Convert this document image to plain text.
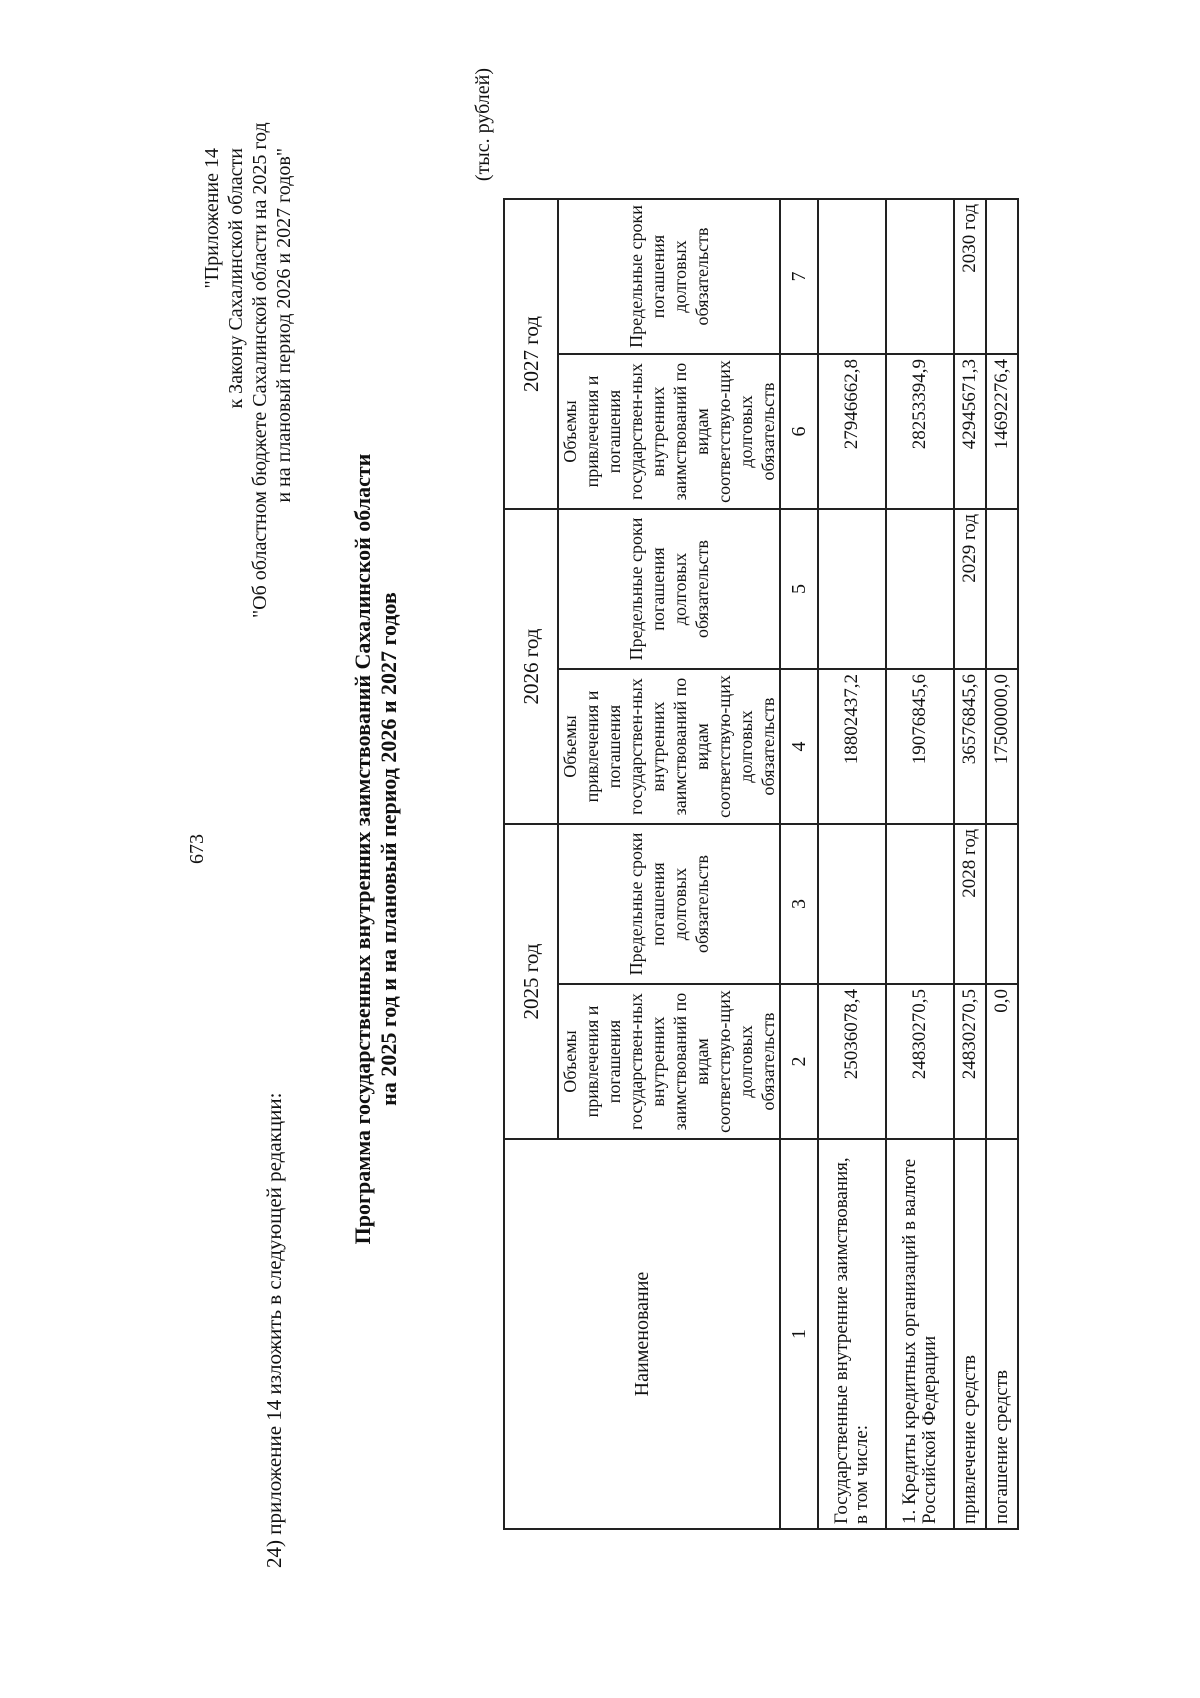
673
24) приложение 14 изложить в следующей редакции:
"Приложение 14 к Закону Сахалинской области "Об областном бюджете Сахалинской области на 2025 год и на плановый период 2026 и 2027 годов"
Программа государственных внутренних заимствований Сахалинской области на 2025 год и на плановый период 2026 и 2027 годов
(тыс. рублей)
Наименование	2025 год		2026 год		2027 год	
	Объемы привлечения и погашения государствен-ных внутренних заимствований по видам соответствую-щих долговых обязательств	Предельные сроки погашения долговых обязательств	Объемы привлечения и погашения государствен-ных внутренних заимствований по видам соответствую-щих долговых обязательств	Предельные сроки погашения долговых обязательств	Объемы привлечения и погашения государствен-ных внутренних заимствований по видам соответствую-щих долговых обязательств	Предельные сроки погашения долговых обязательств
1	2	3	4	5	6	7
Государственные внутренние заимствования, в том числе:	25036078,4		18802437,2		27946662,8	
1. Кредиты кредитных организаций в валюте Российской Федерации	24830270,5		19076845,6		28253394,9	
привлечение средств	24830270,5	2028 год	36576845,6	2029 год	42945671,3	2030 год
погашение средств	0,0		17500000,0		14692276,4	
